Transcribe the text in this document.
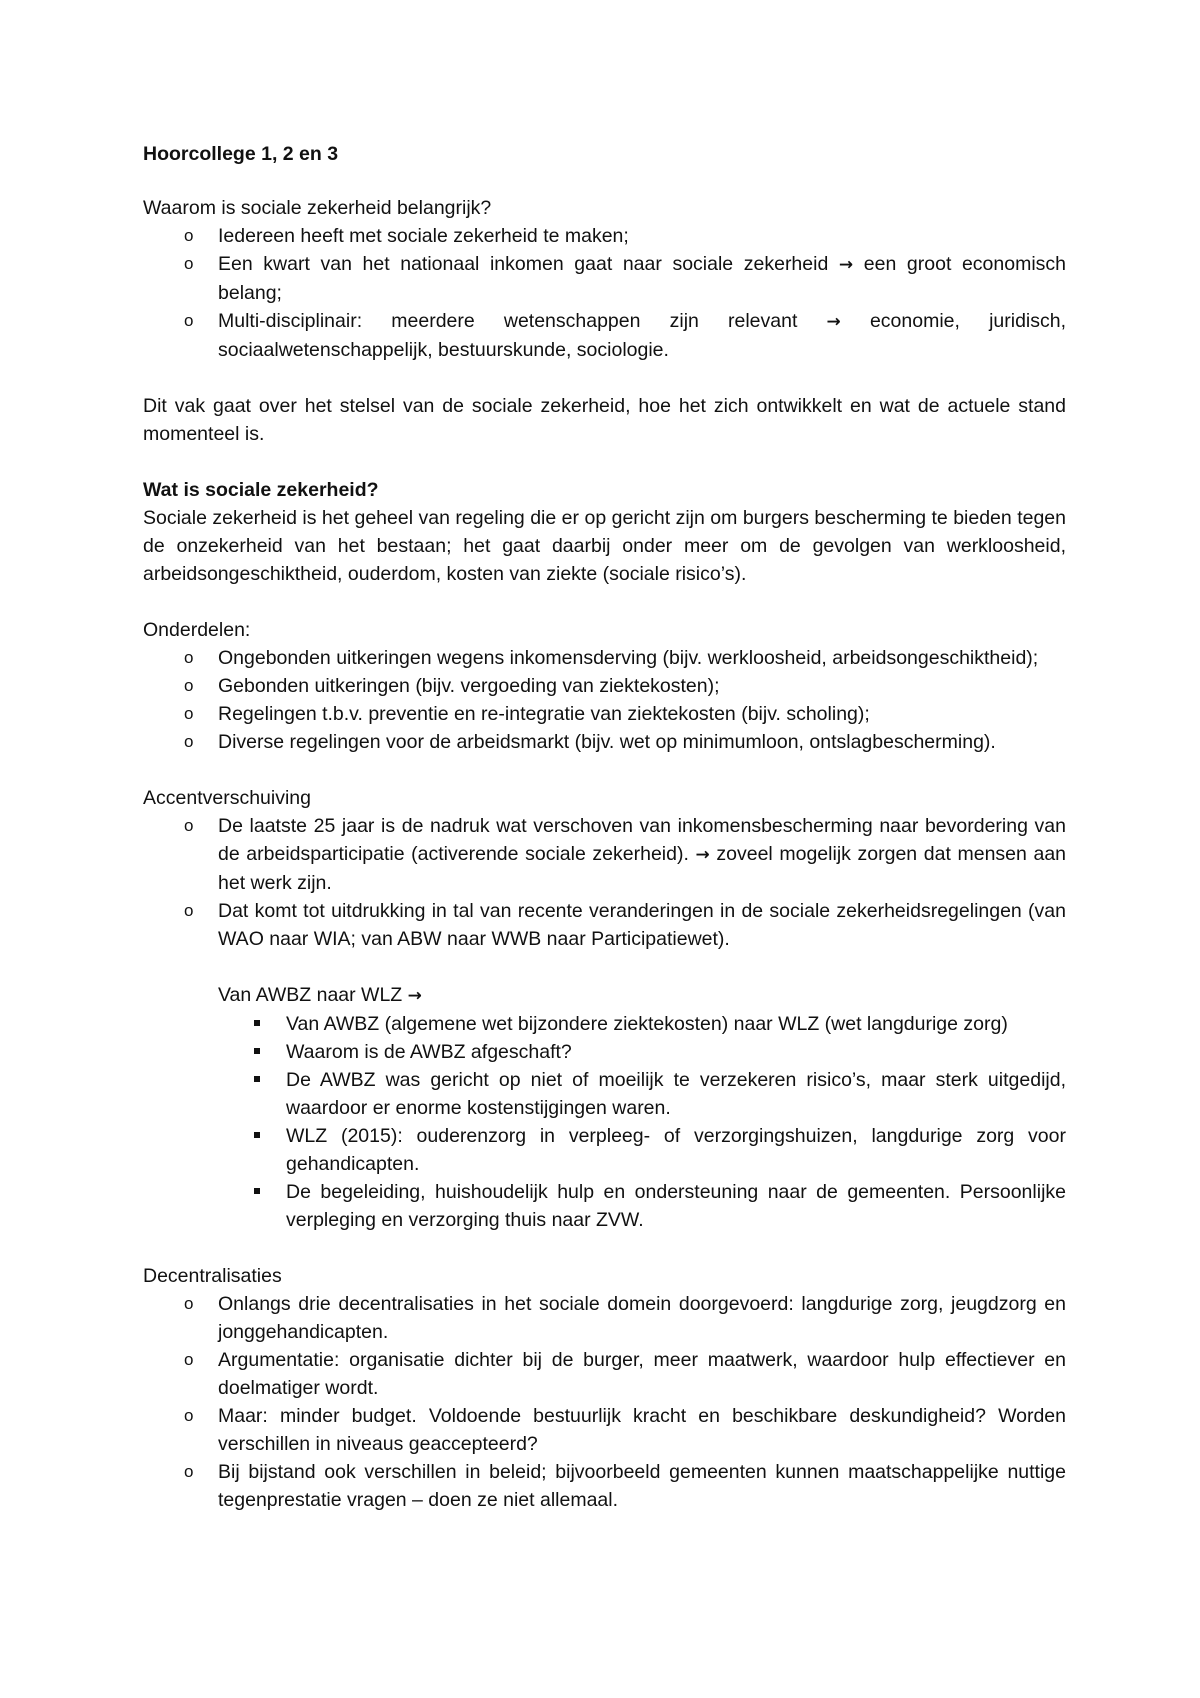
Hoorcollege 1, 2 en 3

Waarom is sociale zekerheid belangrijk?

o Iedereen heeft met sociale zekerheid te maken;
o Een kwart van het nationaal inkomen gaat naar sociale zekerheid → een groot economisch belang;
o Multi-disciplinair: meerdere wetenschappen zijn relevant → economie, juridisch, sociaalwetenschappelijk, bestuurskunde, sociologie.

Dit vak gaat over het stelsel van de sociale zekerheid, hoe het zich ontwikkelt en wat de actuele stand momenteel is.

Wat is sociale zekerheid?

Sociale zekerheid is het geheel van regeling die er op gericht zijn om burgers bescherming te bieden tegen de onzekerheid van het bestaan; het gaat daarbij onder meer om de gevolgen van werkloosheid, arbeidsongeschiktheid, ouderdom, kosten van ziekte (sociale risico’s).

Onderdelen:

o Ongebonden uitkeringen wegens inkomensderving (bijv. werkloosheid, arbeidsongeschiktheid);
o Gebonden uitkeringen (bijv. vergoeding van ziektekosten);
o Regelingen t.b.v. preventie en re-integratie van ziektekosten (bijv. scholing);
o Diverse regelingen voor de arbeidsmarkt (bijv. wet op minimumloon, ontslagbescherming).

Accentverschuiving

o De laatste 25 jaar is de nadruk wat verschoven van inkomensbescherming naar bevordering van de arbeidsparticipatie (activerende sociale zekerheid). → zoveel mogelijk zorgen dat mensen aan het werk zijn.
o Dat komt tot uitdrukking in tal van recente veranderingen in de sociale zekerheidsregelingen (van WAO naar WIA; van ABW naar WWB naar Participatiewet).

Van AWBZ naar WLZ →

Van AWBZ (algemene wet bijzondere ziektekosten) naar WLZ (wet langdurige zorg)
Waarom is de AWBZ afgeschaft?
De AWBZ was gericht op niet of moeilijk te verzekeren risico’s, maar sterk uitgedijd, waardoor er enorme kostenstijgingen waren.
WLZ (2015): ouderenzorg in verpleeg- of verzorgingshuizen, langdurige zorg voor gehandicapten.
De begeleiding, huishoudelijk hulp en ondersteuning naar de gemeenten. Persoonlijke verpleging en verzorging thuis naar ZVW.

Decentralisaties

o Onlangs drie decentralisaties in het sociale domein doorgevoerd: langdurige zorg, jeugdzorg en jonggehandicapten.
o Argumentatie: organisatie dichter bij de burger, meer maatwerk, waardoor hulp effectiever en doelmatiger wordt.
o Maar: minder budget. Voldoende bestuurlijk kracht en beschikbare deskundigheid? Worden verschillen in niveaus geaccepteerd?
o Bij bijstand ook verschillen in beleid; bijvoorbeeld gemeenten kunnen maatschappelijke nuttige tegenprestatie vragen – doen ze niet allemaal.
